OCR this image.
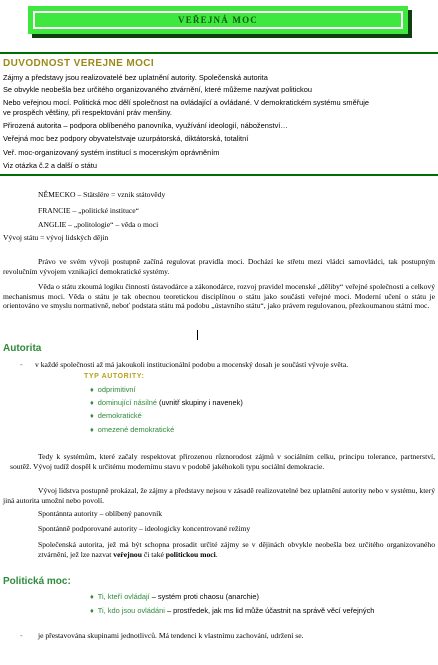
VEŘEJNÁ MOC
DUVODNOST VEREJNE MOCI
Zájmy a představy jsou realizovatelé bez uplatnění autority. Společenská autorita
Se obvykle neobešla bez určitého organizovaného ztvárnění, které můžeme nazývat politickou
Nebo veřejnou mocí. Politická moc dělí společnost na ovládající a ovládané. V demokratickém systému směřuje
ve prospěch většiny, při respektování práv menšiny.
Přirozená autorita – podpora oblíbeného panovníka, využívání ideologií, náboženství…
Veřejná moc bez podpory obyvatelstvaje uzurpátorská, diktátorská, totalitní
Veř. moc-organizovaný systém institucí s mocenským oprávněním
Viz otázka č.2 a další o státu
NĚMECKO – Stätslëre = vznik státovědy
FRANCIE – „politické instituce“
ANGLIE – „politologie“ – věda o moci
Vývoj státu = vývoj lidských dějin
Právo ve svém vývoji postupně začíná regulovat pravidla moci. Dochází ke střetu mezi vládci samovládci, tak postupným revolučním vývojem vznikající demokratické systémy.
Věda o státu zkoumá logiku činnosti ústavodárce a zákonodárce, rozvoj pravidel mocenské „děliby“ veřejné společnosti a celkový mechanismus moci. Věda o státu je tak obecnou teoretickou disciplínou o státu jako součásti veřejné moci. Moderní učení o státu je orientováno ve smyslu normativně, neboť podstata státu má podobu „ústavního státu“, jako právem regulovanou, přezkoumanou státní moc.
Autorita
- v každé společnosti až má jakoukoli institucionální podobu a mocenský dosah je součástí vývoje světa.
TYP AUTORITY:
♦ odprimitivní
♦ dominující násilné (uvnitř skupiny i navenek)
♦ demokratické
♦ omezené demokratické
Tedy k systémům, které začaly respektovat přirozenou různorodost zájmů v sociálním celku, principu tolerance, partnerství, soutěž. Vývoj tudíž dospěl k určitému modernímu stavu v podobě jakéhokoli typu sociální demokracie.
Vývoj lidstva postupně prokázal, že zájmy a představy nejsou v zásadě realizovatelné bez uplatnění autority nebo v systému, který jiná autorita umožní nebo povolí.
Spontánnta autority – oblíbený panovník
Spontánně podporované autority – ideologicky koncentrované režimy
Společenská autorita, jež má být schopna prosadit určité zájmy se v dějinách obvykle neobešla bez určitého organizovaného ztvárnění, jež lze nazvat veřejnou či také politickou moci.
Politická moc:
♦ Ti, kteří ovládají – systém proti chaosu (anarchie)
♦ Ti, kdo jsou ovládáni – prostředek, jak ms lid může účastnit na správě věcí veřejných
- je přestavována skupinami jednotlivců. Má tendenci k vlastnímu zachování, udržení se.
